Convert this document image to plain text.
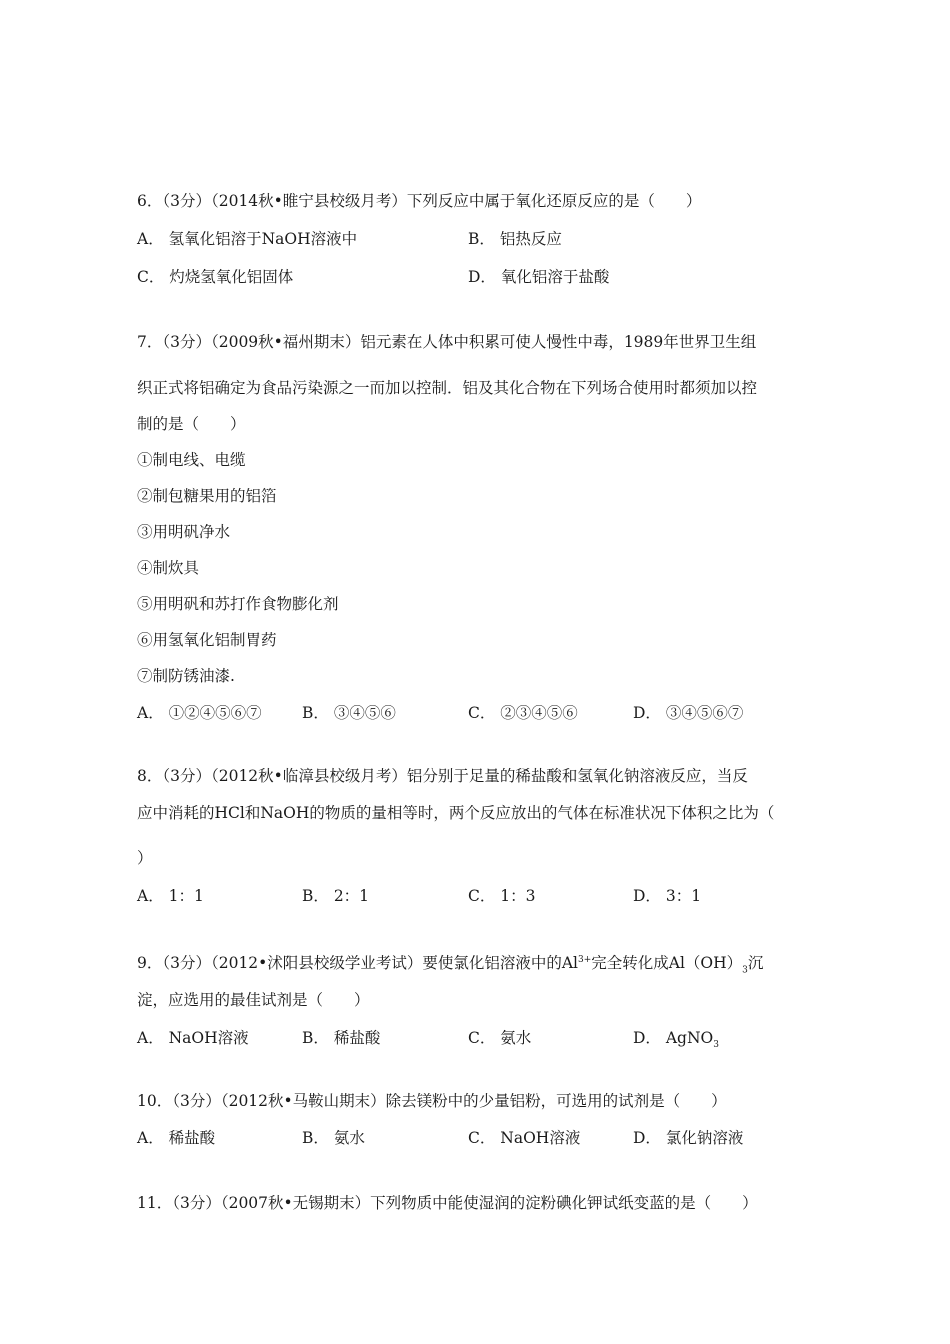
6．（3分）（2014秋•睢宁县校级月考）下列反应中属于氧化还原反应的是（　　）
A． 氢氧化铝溶于NaOH溶液中	B． 铝热反应
C． 灼烧氢氧化铝固体	D． 氧化铝溶于盐酸
7．（3分）（2009秋•福州期末）铝元素在人体中积累可使人慢性中毒，1989年世界卫生组
织正式将铝确定为食品污染源之一而加以控制．铝及其化合物在下列场合使用时都须加以控
制的是（　　）
①制电线、电缆
②制包糖果用的铝箔
③用明矾净水
④制炊具
⑤用明矾和苏打作食物膨化剂
⑥用氢氧化铝制胃药
⑦制防锈油漆.
A． ①②④⑤⑥⑦	B． ③④⑤⑥	C． ②③④⑤⑥	D． ③④⑤⑥⑦
8．（3分）（2012秋•临漳县校级月考）铝分别于足量的稀盐酸和氢氧化钠溶液反应，当反
应中消耗的HCl和NaOH的物质的量相等时，两个反应放出的气体在标准状况下体积之比为（
）
A． 1：1	B． 2：1	C． 1：3	D． 3：1
9．（3分）（2012•沭阳县校级学业考试）要使氯化铝溶液中的$Al^{3+}$完全转化成$Al(OH)_3$沉
淀，应选用的最佳试剂是（　　）
A． NaOH溶液	B． 稀盐酸	C． 氨水	D． AgNO$_3$
10．（3分）（2012秋•马鞍山期末）除去镁粉中的少量铝粉，可选用的试剂是（　　）
A． 稀盐酸	B． 氨水	C． NaOH溶液	D． 氯化钠溶液
11．（3分）（2007秋•无锡期末）下列物质中能使湿润的淀粉碘化钾试纸变蓝的是（　　）
